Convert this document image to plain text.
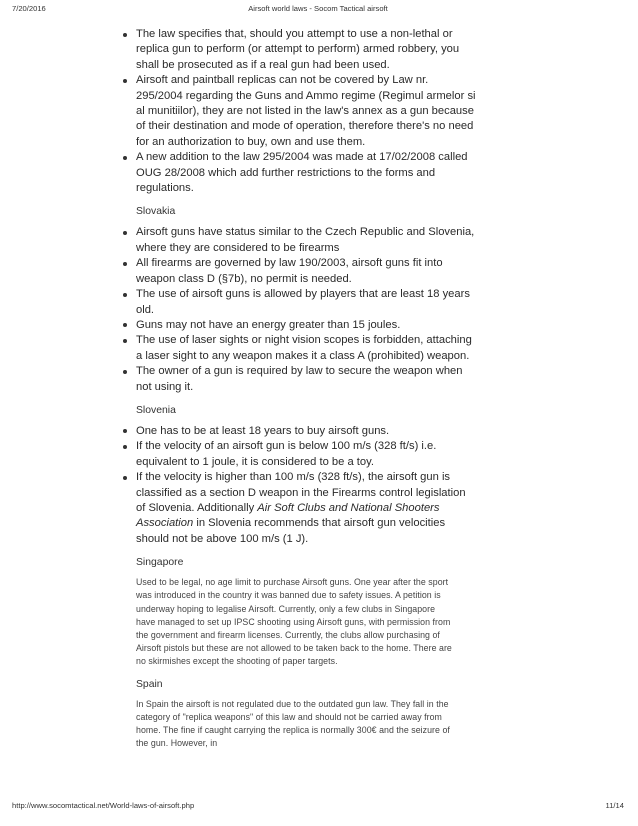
7/20/2016	Airsoft world laws - Socom Tactical airsoft
The law specifies that, should you attempt to use a non-lethal or replica gun to perform (or attempt to perform) armed robbery, you shall be prosecuted as if a real gun had been used.
Airsoft and paintball replicas can not be covered by Law nr. 295/2004 regarding the Guns and Ammo regime (Regimul armelor si al munitiilor), they are not listed in the law's annex as a gun because of their destination and mode of operation, therefore there's no need for an authorization to buy, own and use them.
A new addition to the law 295/2004 was made at 17/02/2008 called OUG 28/2008 which add further restrictions to the forms and regulations.
Slovakia
Airsoft guns have status similar to the Czech Republic and Slovenia, where they are considered to be firearms
All firearms are governed by law 190/2003, airsoft guns fit into weapon class D (§7b), no permit is needed.
The use of airsoft guns is allowed by players that are least 18 years old.
Guns may not have an energy greater than 15 joules.
The use of laser sights or night vision scopes is forbidden, attaching a laser sight to any weapon makes it a class A (prohibited) weapon.
The owner of a gun is required by law to secure the weapon when not using it.
Slovenia
One has to be at least 18 years to buy airsoft guns.
If the velocity of an airsoft gun is below 100 m/s (328 ft/s) i.e. equivalent to 1 joule, it is considered to be a toy.
If the velocity is higher than 100 m/s (328 ft/s), the airsoft gun is classified as a section D weapon in the Firearms control legislation of Slovenia. Additionally Air Soft Clubs and National Shooters Association in Slovenia recommends that airsoft gun velocities should not be above 100 m/s (1 J).
Singapore
Used to be legal, no age limit to purchase Airsoft guns. One year after the sport was introduced in the country it was banned due to safety issues. A petition is underway hoping to legalise Airsoft. Currently, only a few clubs in Singapore have managed to set up IPSC shooting using Airsoft guns, with permission from the government and firearm licenses. Currently, the clubs allow purchasing of Airsoft pistols but these are not allowed to be taken back to the home. There are no skirmishes except the shooting of paper targets.
Spain
In Spain the airsoft is not regulated due to the outdated gun law. They fall in the category of "replica weapons" of this law and should not be carried away from home. The fine if caught carrying the replica is normally 300€ and the seizure of the gun. However, in
http://www.socomtactical.net/World-laws-of-airsoft.php	11/14
